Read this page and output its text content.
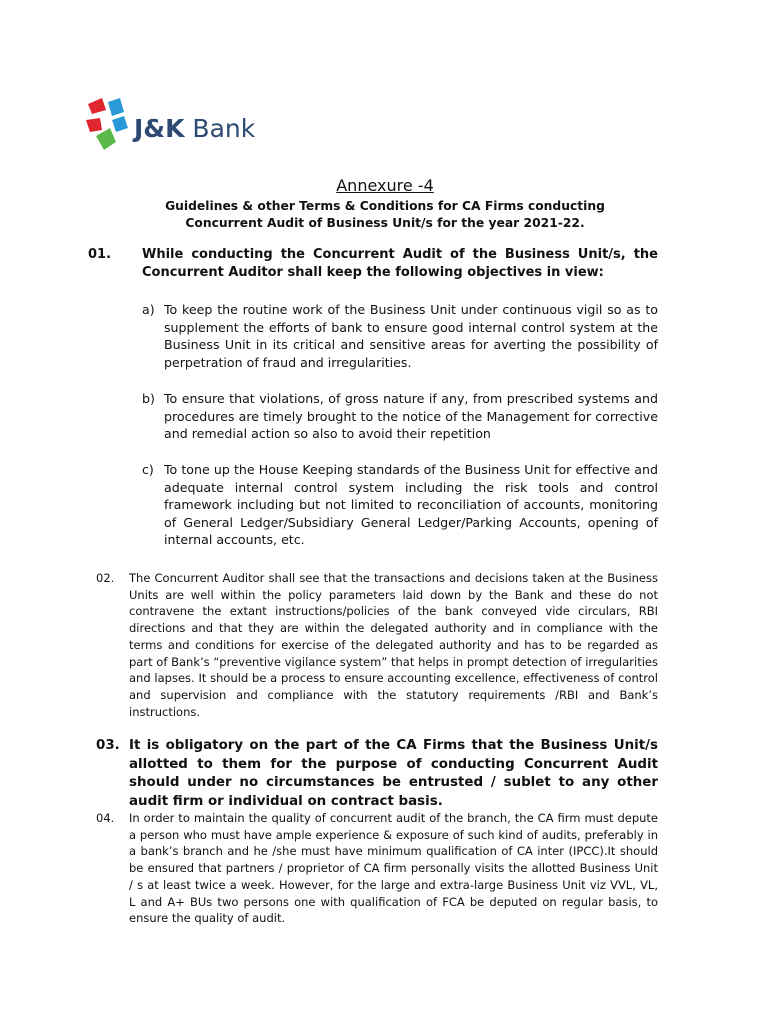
J&K Bank
Annexure -4
Guidelines & other Terms & Conditions for CA Firms conducting
Concurrent Audit of Business Unit/s for the year 2021-22.
01. While conducting the Concurrent Audit of the Business Unit/s, the Concurrent Auditor shall keep the following objectives in view:
a) To keep the routine work of the Business Unit under continuous vigil so as to supplement the efforts of bank to ensure good internal control system at the Business Unit in its critical and sensitive areas for averting the possibility of perpetration of fraud and irregularities.
b) To ensure that violations, of gross nature if any, from prescribed systems and procedures are timely brought to the notice of the Management for corrective and remedial action so also to avoid their repetition
c) To tone up the House Keeping standards of the Business Unit for effective and adequate internal control system including the risk tools and control framework including but not limited to reconciliation of accounts, monitoring of General Ledger/Subsidiary General Ledger/Parking Accounts, opening of internal accounts, etc.
02. The Concurrent Auditor shall see that the transactions and decisions taken at the Business Units are well within the policy parameters laid down by the Bank and these do not contravene the extant instructions/policies of the bank conveyed vide circulars, RBI directions and that they are within the delegated authority and in compliance with the terms and conditions for exercise of the delegated authority and has to be regarded as part of Bank’s “preventive vigilance system” that helps in prompt detection of irregularities and lapses. It should be a process to ensure accounting excellence, effectiveness of control and supervision and compliance with the statutory requirements /RBI and Bank’s instructions.
03. It is obligatory on the part of the CA Firms that the Business Unit/s allotted to them for the purpose of conducting Concurrent Audit should under no circumstances be entrusted / sublet to any other audit firm or individual on contract basis.
04. In order to maintain the quality of concurrent audit of the branch, the CA firm must depute a person who must have ample experience & exposure of such kind of audits, preferably in a bank’s branch and he /she must have minimum qualification of CA inter (IPCC).It should be ensured that partners / proprietor of CA firm personally visits the allotted Business Unit / s at least twice a week. However, for the large and extra-large Business Unit viz VVL, VL, L and A+ BUs two persons one with qualification of FCA be deputed on regular basis, to ensure the quality of audit.
